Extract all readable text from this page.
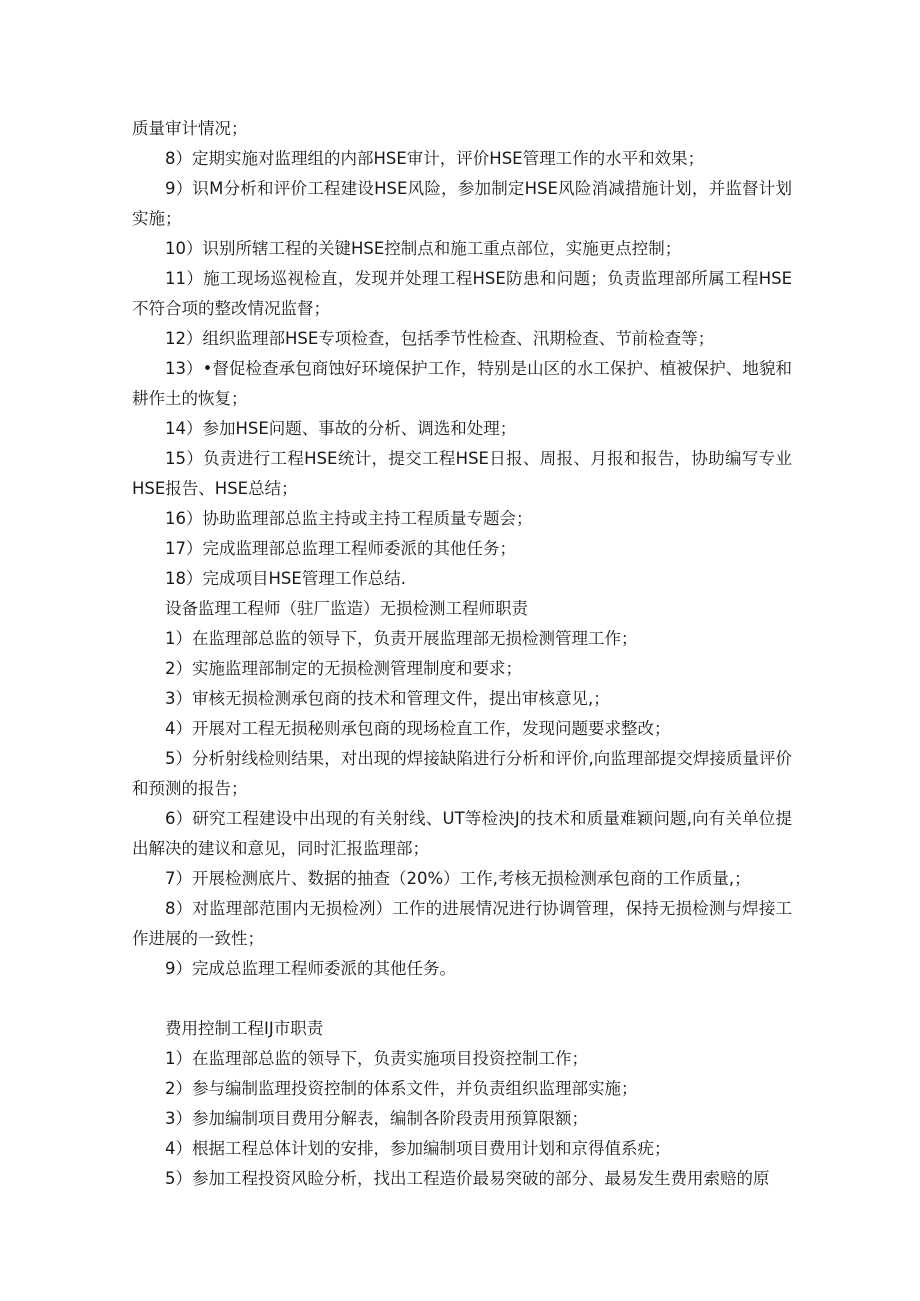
质量审计情况；

8）定期实施对监理组的内部HSE审计，评价HSE管理工作的水平和效果；

9）识M分析和评价工程建设HSE风险，参加制定HSE风险消减措施计划，并监督计划实施；

10）识别所辖工程的关键HSE控制点和施工重点部位，实施更点控制；

11）施工现场巡视检直，发现并处理工程HSE防患和问题；负责监理部所属工程HSE不符合项的整改情况监督；

12）组织监理部HSE专项检查，包括季节性检查、汛期检查、节前检查等；

13）•督促检查承包商蚀好环境保护工作，特别是山区的水工保护、植被保护、地貌和耕作土的恢复；

14）参加HSE问题、事故的分析、调选和处理；

15）负责进行工程HSE统计，提交工程HSE日报、周报、月报和报告，协助编写专业HSE报告、HSE总结；

16）协助监理部总监主持或主持工程质量专题会；

17）完成监理部总监理工程师委派的其他任务；

18）完成项目HSE管理工作总结.

设备监理工程师（驻厂监造）无损检测工程师职责

1）在监理部总监的领导下，负责开展监理部无损检测管理工作；

2）实施监理部制定的无损检测管理制度和要求；

3）审核无损检测承包商的技术和管理文件，提出审核意见,；

4）开展对工程无损秘则承包商的现场检直工作，发现问题要求整改；

5）分析射线检则结果，对出现的焊接缺陷进行分析和评价,向监理部提交焊接质量评价和预测的报告；

6）研究工程建设中出现的有关射线、UT等检泱J的技术和质量难颖问题,向有关单位提出解决的建议和意见，同时汇报监理部；

7）开展检测底片、数据的抽查（20%）工作,考核无损检测承包商的工作质量,；

8）对监理部范围内无损检冽）工作的进展情况进行协调管理，保持无损检测与焊接工作进展的一致性；

9）完成总监理工程师委派的其他任务。

费用控制工程IJ市职责

1）在监理部总监的领导下，负责实施项目投资控制工作；

2）参与编制监理投资控制的体系文件，并负责组织监理部实施；

3）参加编制项目费用分解表，编制各阶段责用预算限额；

4）根据工程总体计划的安排，参加编制项目费用计划和京得值系疣；

5）参加工程投资风睑分析，找出工程造价最易突破的部分、最易发生费用索赔的原
